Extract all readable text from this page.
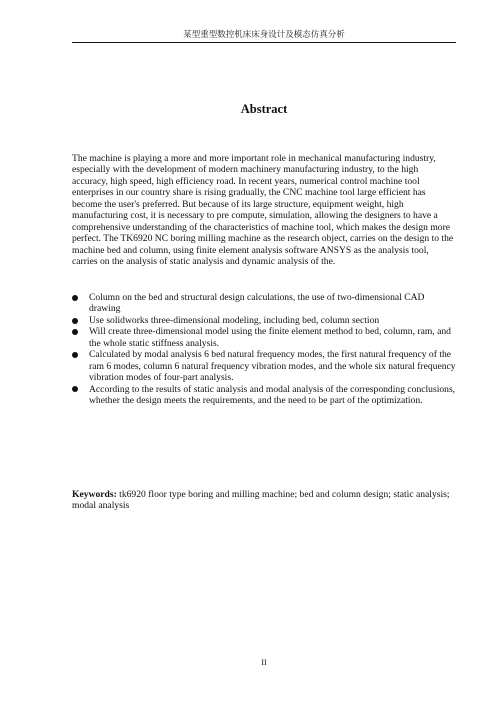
某型重型数控机床床身设计及模态仿真分析
Abstract

The machine is playing a more and more important role in mechanical manufacturing industry, especially with the development of modern machinery manufacturing industry, to the high accuracy, high speed, high efficiency road. In recent years, numerical control machine tool enterprises in our country share is rising gradually, the CNC machine tool large efficient has become the user's preferred. But because of its large structure, equipment weight, high manufacturing cost, it is necessary to pre compute, simulation, allowing the designers to have a comprehensive understanding of the characteristics of machine tool, which makes the design more perfect. The TK6920 NC boring milling machine as the research object, carries on the design to the machine bed and column, using finite element analysis software ANSYS as the analysis tool, carries on the analysis of static analysis and dynamic analysis of the.

Column on the bed and structural design calculations, the use of two-dimensional CAD drawing
Use solidworks three-dimensional modeling, including bed, column section
Will create three-dimensional model using the finite element method to bed, column, ram, and the whole static stiffness analysis.
Calculated by modal analysis 6 bed natural frequency modes, the first natural frequency of the ram 6 modes, column 6 natural frequency vibration modes, and the whole six natural frequency vibration modes of four-part analysis.
According to the results of static analysis and modal analysis of the corresponding conclusions, whether the design meets the requirements, and the need to be part of the optimization.

Keywords: tk6920 floor type boring and milling machine; bed and column design; static analysis; modal analysis

II
